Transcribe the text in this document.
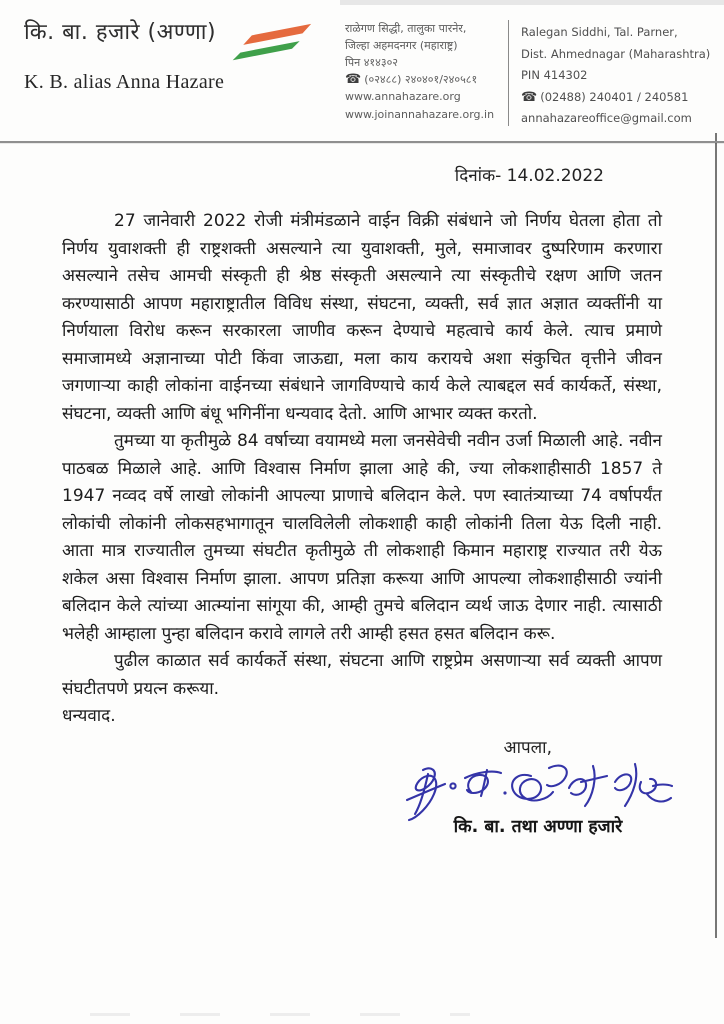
कि. बा. हजारे (अण्णा)
K. B. alias Anna Hazare
राळेगण सिद्धी, तालुका पारनेर,
जिल्हा अहमदनगर (महाराष्ट्र)
पिन ४१४३०२
☎ (०२४८८) २४०४०१/२४०५८१
www.annahazare.org
www.joinannahazare.org.in
Ralegan Siddhi, Tal. Parner,
Dist. Ahmednagar (Maharashtra)
PIN 414302
☎ (02488) 240401 / 240581
annahazareoffice@gmail.com
दिनांक- 14.02.2022

27 जानेवारी 2022 रोजी मंत्रीमंडळाने वाईन विक्री संबंधाने जो निर्णय घेतला होता तो निर्णय युवाशक्ती ही राष्ट्रशक्ती असल्याने त्या युवाशक्ती, मुले, समाजावर दुष्परिणाम करणारा असल्याने तसेच आमची संस्कृती ही श्रेष्ठ संस्कृती असल्याने त्या संस्कृतीचे रक्षण आणि जतन करण्यासाठी आपण महाराष्ट्रातील विविध संस्था, संघटना, व्यक्ती, सर्व ज्ञात अज्ञात व्यक्तींनी या निर्णयाला विरोध करून सरकारला जाणीव करून देण्याचे महत्वाचे कार्य केले. त्याच प्रमाणे समाजामध्ये अज्ञानाच्या पोटी किंवा जाऊद्या, मला काय करायचे अशा संकुचित वृत्तीने जीवन जगणाऱ्या काही लोकांना वाईनच्या संबंधाने जागविण्याचे कार्य केले त्याबद्दल सर्व कार्यकर्ते, संस्था, संघटना, व्यक्ती आणि बंधू भगिनींना धन्यवाद देतो. आणि आभार व्यक्त करतो.

तुमच्या या कृतीमुळे 84 वर्षाच्या वयामध्ये मला जनसेवेची नवीन उर्जा मिळाली आहे. नवीन पाठबळ मिळाले आहे. आणि विश्वास निर्माण झाला आहे की, ज्या लोकशाहीसाठी 1857 ते 1947 नव्वद वर्षे लाखो लोकांनी आपल्या प्राणाचे बलिदान केले. पण स्वातंत्र्याच्या 74 वर्षापर्यंत लोकांची लोकांनी लोकसहभागातून चालविलेली लोकशाही काही लोकांनी तिला येऊ दिली नाही. आता मात्र राज्यातील तुमच्या संघटीत कृतीमुळे ती लोकशाही किमान महाराष्ट्र राज्यात तरी येऊ शकेल असा विश्वास निर्माण झाला. आपण प्रतिज्ञा करूया आणि आपल्या लोकशाहीसाठी ज्यांनी बलिदान केले त्यांच्या आत्म्यांना सांगूया की, आम्ही तुमचे बलिदान व्यर्थ जाऊ देणार नाही. त्यासाठी भलेही आम्हाला पुन्हा बलिदान करावे लागले तरी आम्ही हसत हसत बलिदान करू.

पुढील काळात सर्व कार्यकर्ते संस्था, संघटना आणि राष्ट्रप्रेम असणाऱ्या सर्व व्यक्ती आपण संघटीतपणे प्रयत्न करूया.

धन्यवाद.
आपला,
कि. बा. तथा अण्णा हजारे
